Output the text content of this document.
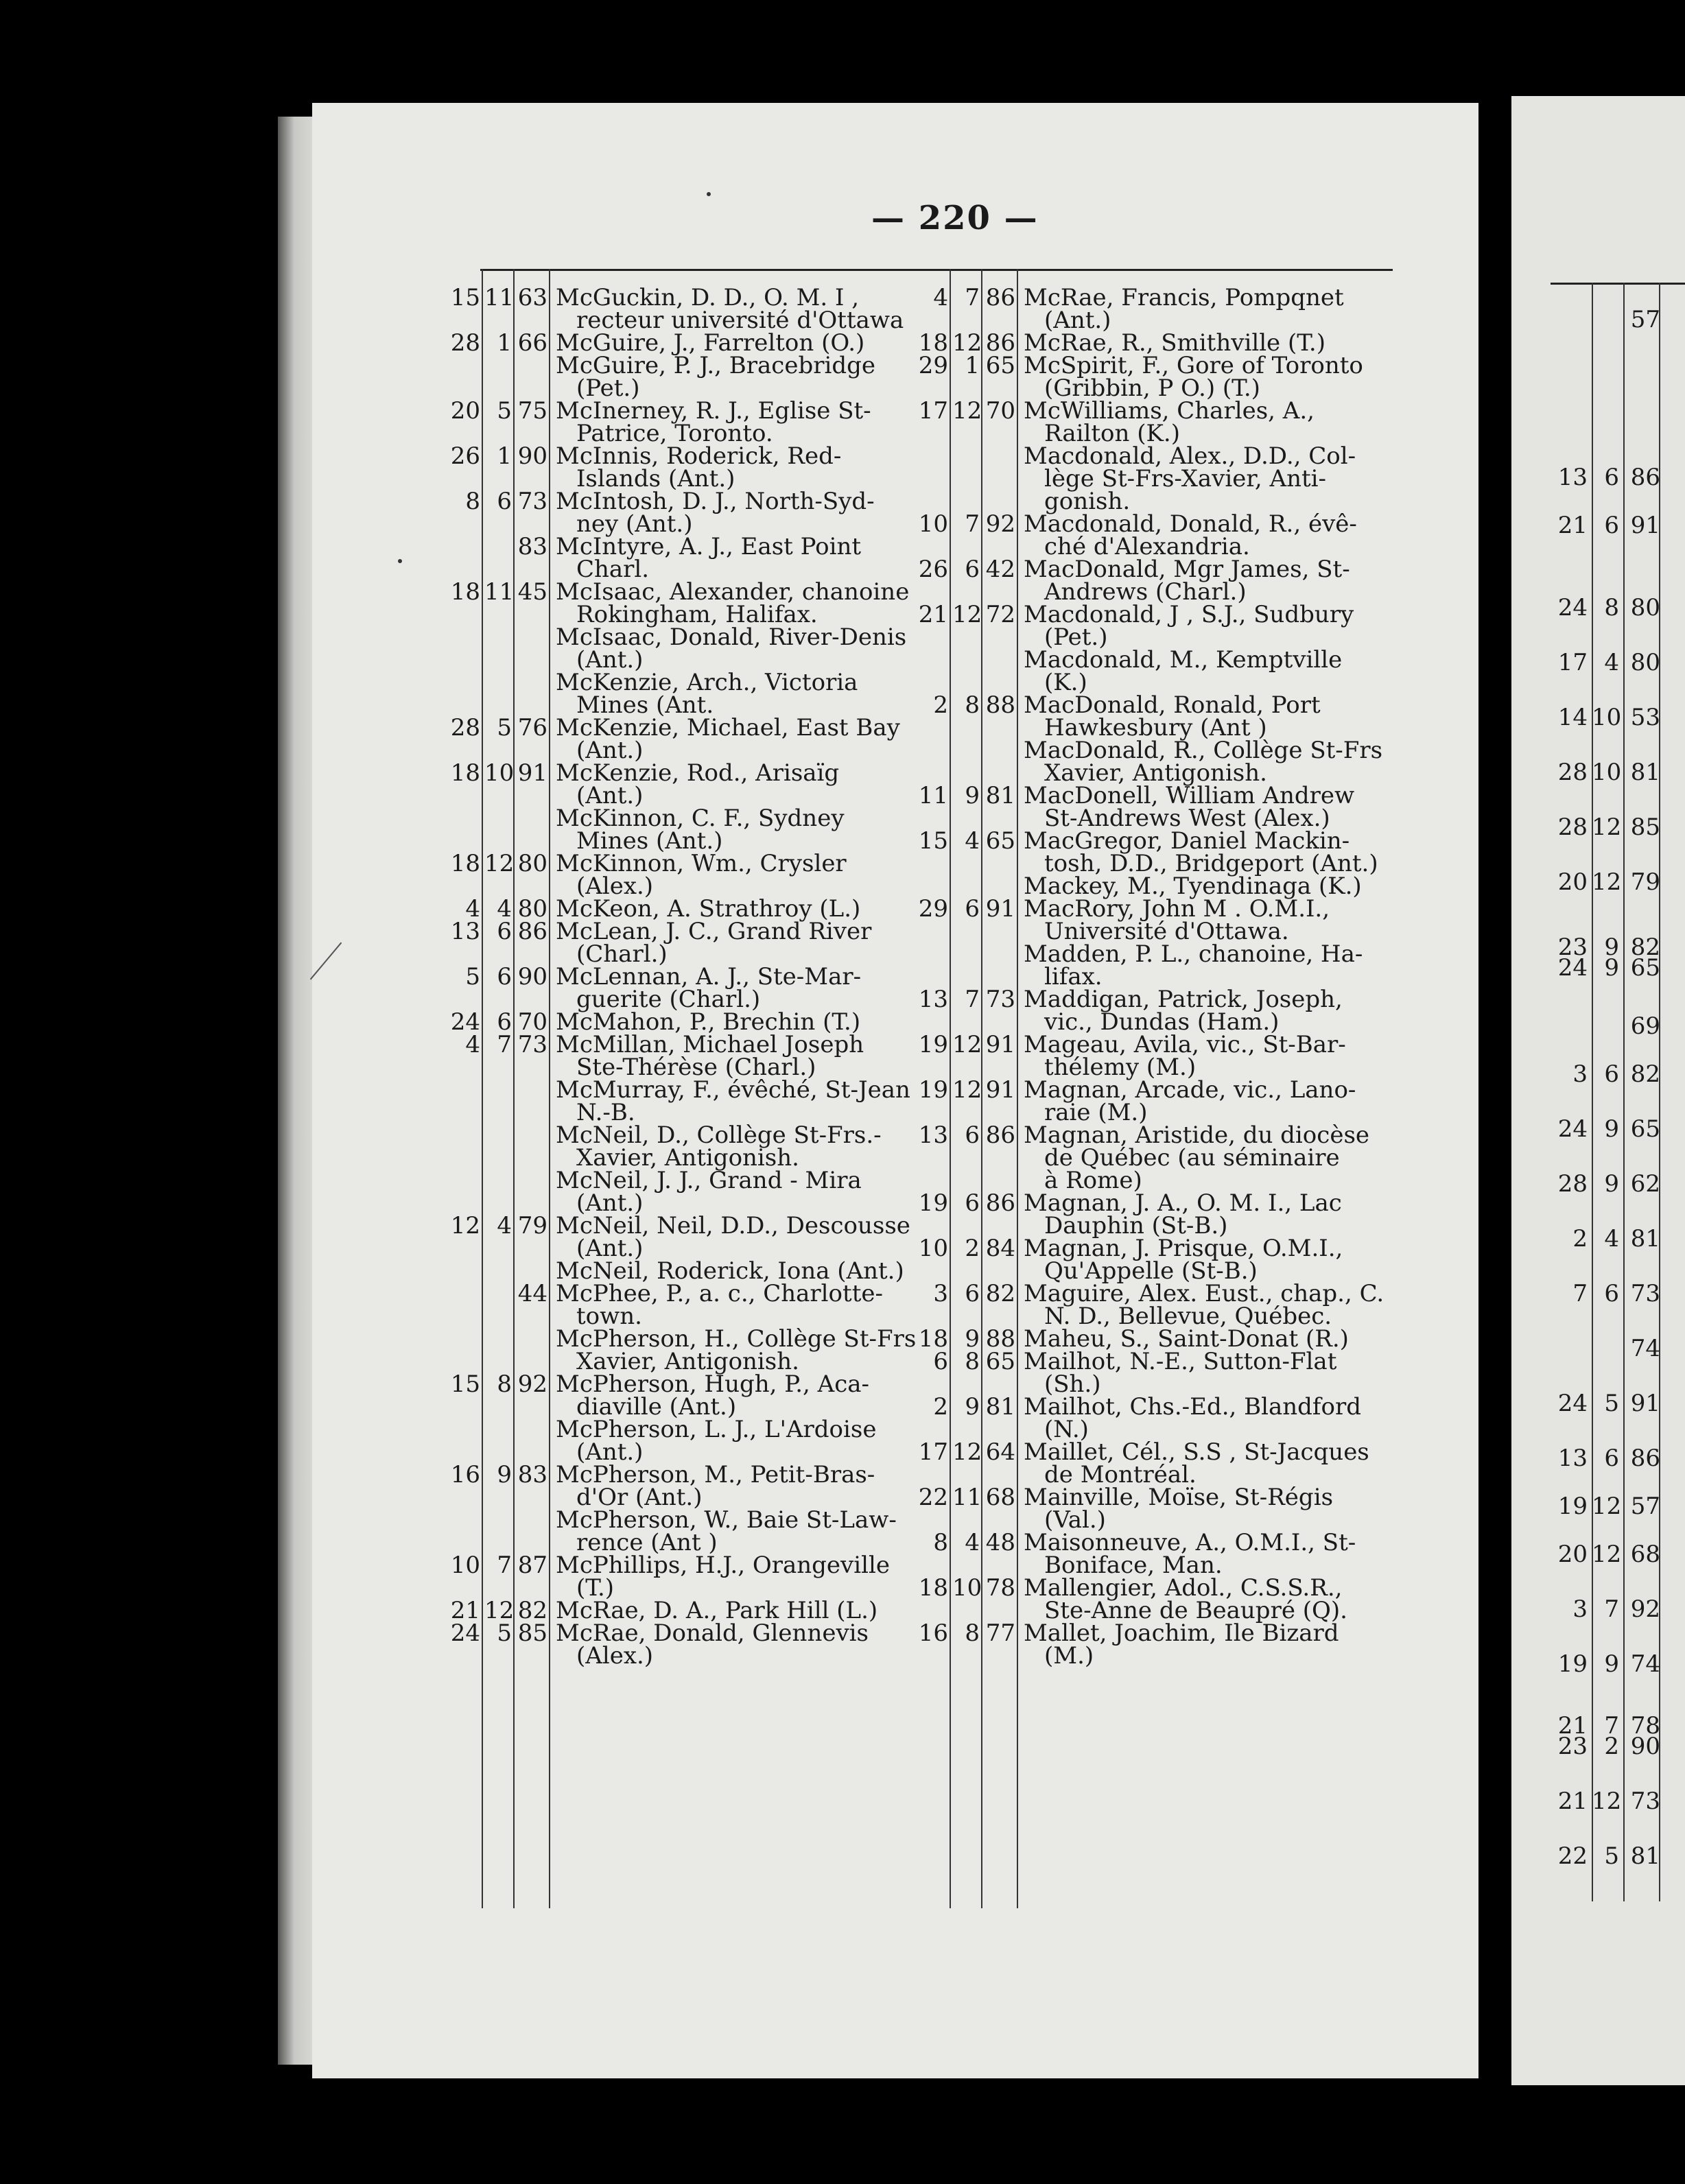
— 220 —
15 11 63 McGuckin, D. D., O. M. I ,
recteur université d'Ottawa
28 1 66 McGuire, J., Farrelton (O.)
McGuire, P. J., Bracebridge
(Pet.)
20 5 75 McInerney, R. J., Eglise St-
Patrice, Toronto.
26 1 90 McInnis, Roderick, Red-
Islands (Ant.)
8 6 73 McIntosh, D. J., North-Syd-
ney (Ant.)
83 McIntyre, A. J., East Point
Charl.
18 11 45 McIsaac, Alexander, chanoine
Rokingham, Halifax.
McIsaac, Donald, River-Denis
(Ant.)
McKenzie, Arch., Victoria
Mines (Ant.
28 5 76 McKenzie, Michael, East Bay
(Ant.)
18 10 91 McKenzie, Rod., Arisaïg
(Ant.)
McKinnon, C. F., Sydney
Mines (Ant.)
18 12 80 McKinnon, Wm., Crysler
(Alex.)
4 4 80 McKeon, A. Strathroy (L.)
13 6 86 McLean, J. C., Grand River
(Charl.)
5 6 90 McLennan, A. J., Ste-Mar-
guerite (Charl.)
24 6 70 McMahon, P., Brechin (T.)
4 7 73 McMillan, Michael Joseph
Ste-Thérèse (Charl.)
McMurray, F., évêché, St-Jean
N.-B.
McNeil, D., Collège St-Frs.-
Xavier, Antigonish.
McNeil, J. J., Grand - Mira
(Ant.)
12 4 79 McNeil, Neil, D.D., Descousse
(Ant.)
McNeil, Roderick, Iona (Ant.)
44 McPhee, P., a. c., Charlotte-
town.
McPherson, H., Collège St-Frs
Xavier, Antigonish.
15 8 92 McPherson, Hugh, P., Aca-
diaville (Ant.)
McPherson, L. J., L'Ardoise
(Ant.)
16 9 83 McPherson, M., Petit-Bras-
d'Or (Ant.)
McPherson, W., Baie St-Law-
rence (Ant )
10 7 87 McPhillips, H.J., Orangeville
(T.)
21 12 82 McRae, D. A., Park Hill (L.)
24 5 85 McRae, Donald, Glennevis
(Alex.)
4 7 86 McRae, Francis, Pompqnet
(Ant.)
18 12 86 McRae, R., Smithville (T.)
29 1 65 McSpirit, F., Gore of Toronto
(Gribbin, P O.) (T.)
17 12 70 McWilliams, Charles, A.,
Railton (K.)
Macdonald, Alex., D.D., Col-
lège St-Frs-Xavier, Anti-
gonish.
10 7 92 Macdonald, Donald, R., évê-
ché d'Alexandria.
26 6 42 MacDonald, Mgr James, St-
Andrews (Charl.)
21 12 72 Macdonald, J , S.J., Sudbury
(Pet.)
Macdonald, M., Kemptville
(K.)
2 8 88 MacDonald, Ronald, Port
Hawkesbury (Ant )
MacDonald, R., Collège St-Frs
Xavier, Antigonish.
11 9 81 MacDonell, William Andrew
St-Andrews West (Alex.)
15 4 65 MacGregor, Daniel Mackin-
tosh, D.D., Bridgeport (Ant.)
Mackey, M., Tyendinaga (K.)
29 6 91 MacRory, John M . O.M.I.,
Université d'Ottawa.
Madden, P. L., chanoine, Ha-
lifax.
13 7 73 Maddigan, Patrick, Joseph,
vic., Dundas (Ham.)
19 12 91 Mageau, Avila, vic., St-Bar-
thélemy (M.)
19 12 91 Magnan, Arcade, vic., Lano-
raie (M.)
13 6 86 Magnan, Aristide, du diocèse
de Québec (au séminaire
à Rome)
19 6 86 Magnan, J. A., O. M. I., Lac
Dauphin (St-B.)
10 2 84 Magnan, J. Prisque, O.M.I.,
Qu'Appelle (St-B.)
3 6 82 Maguire, Alex. Eust., chap., C.
N. D., Bellevue, Québec.
18 9 88 Maheu, S., Saint-Donat (R.)
6 8 65 Mailhot, N.-E., Sutton-Flat
(Sh.)
2 9 81 Mailhot, Chs.-Ed., Blandford
(N.)
17 12 64 Maillet, Cél., S.S , St-Jacques
de Montréal.
22 11 68 Mainville, Moïse, St-Régis
(Val.)
8 4 48 Maisonneuve, A., O.M.I., St-
Boniface, Man.
18 10 78 Mallengier, Adol., C.S.S.R.,
Ste-Anne de Beaupré (Q).
16 8 77 Mallet, Joachim, Ile Bizard
(M.)
57
13 6 86
21 6 91
24 8 80
17 4 80
14 10 53
28 10 81
28 12 85
20 12 79
23 9 82
24 9 65
69
3 6 82
24 9 65
28 9 62
2 4 81
7 6 73
74
24 5 91
13 6 86
19 12 57
20 12 68
3 7 92
19 9 74
21 7 78
23 2 90
21 12 73
22 5 81
